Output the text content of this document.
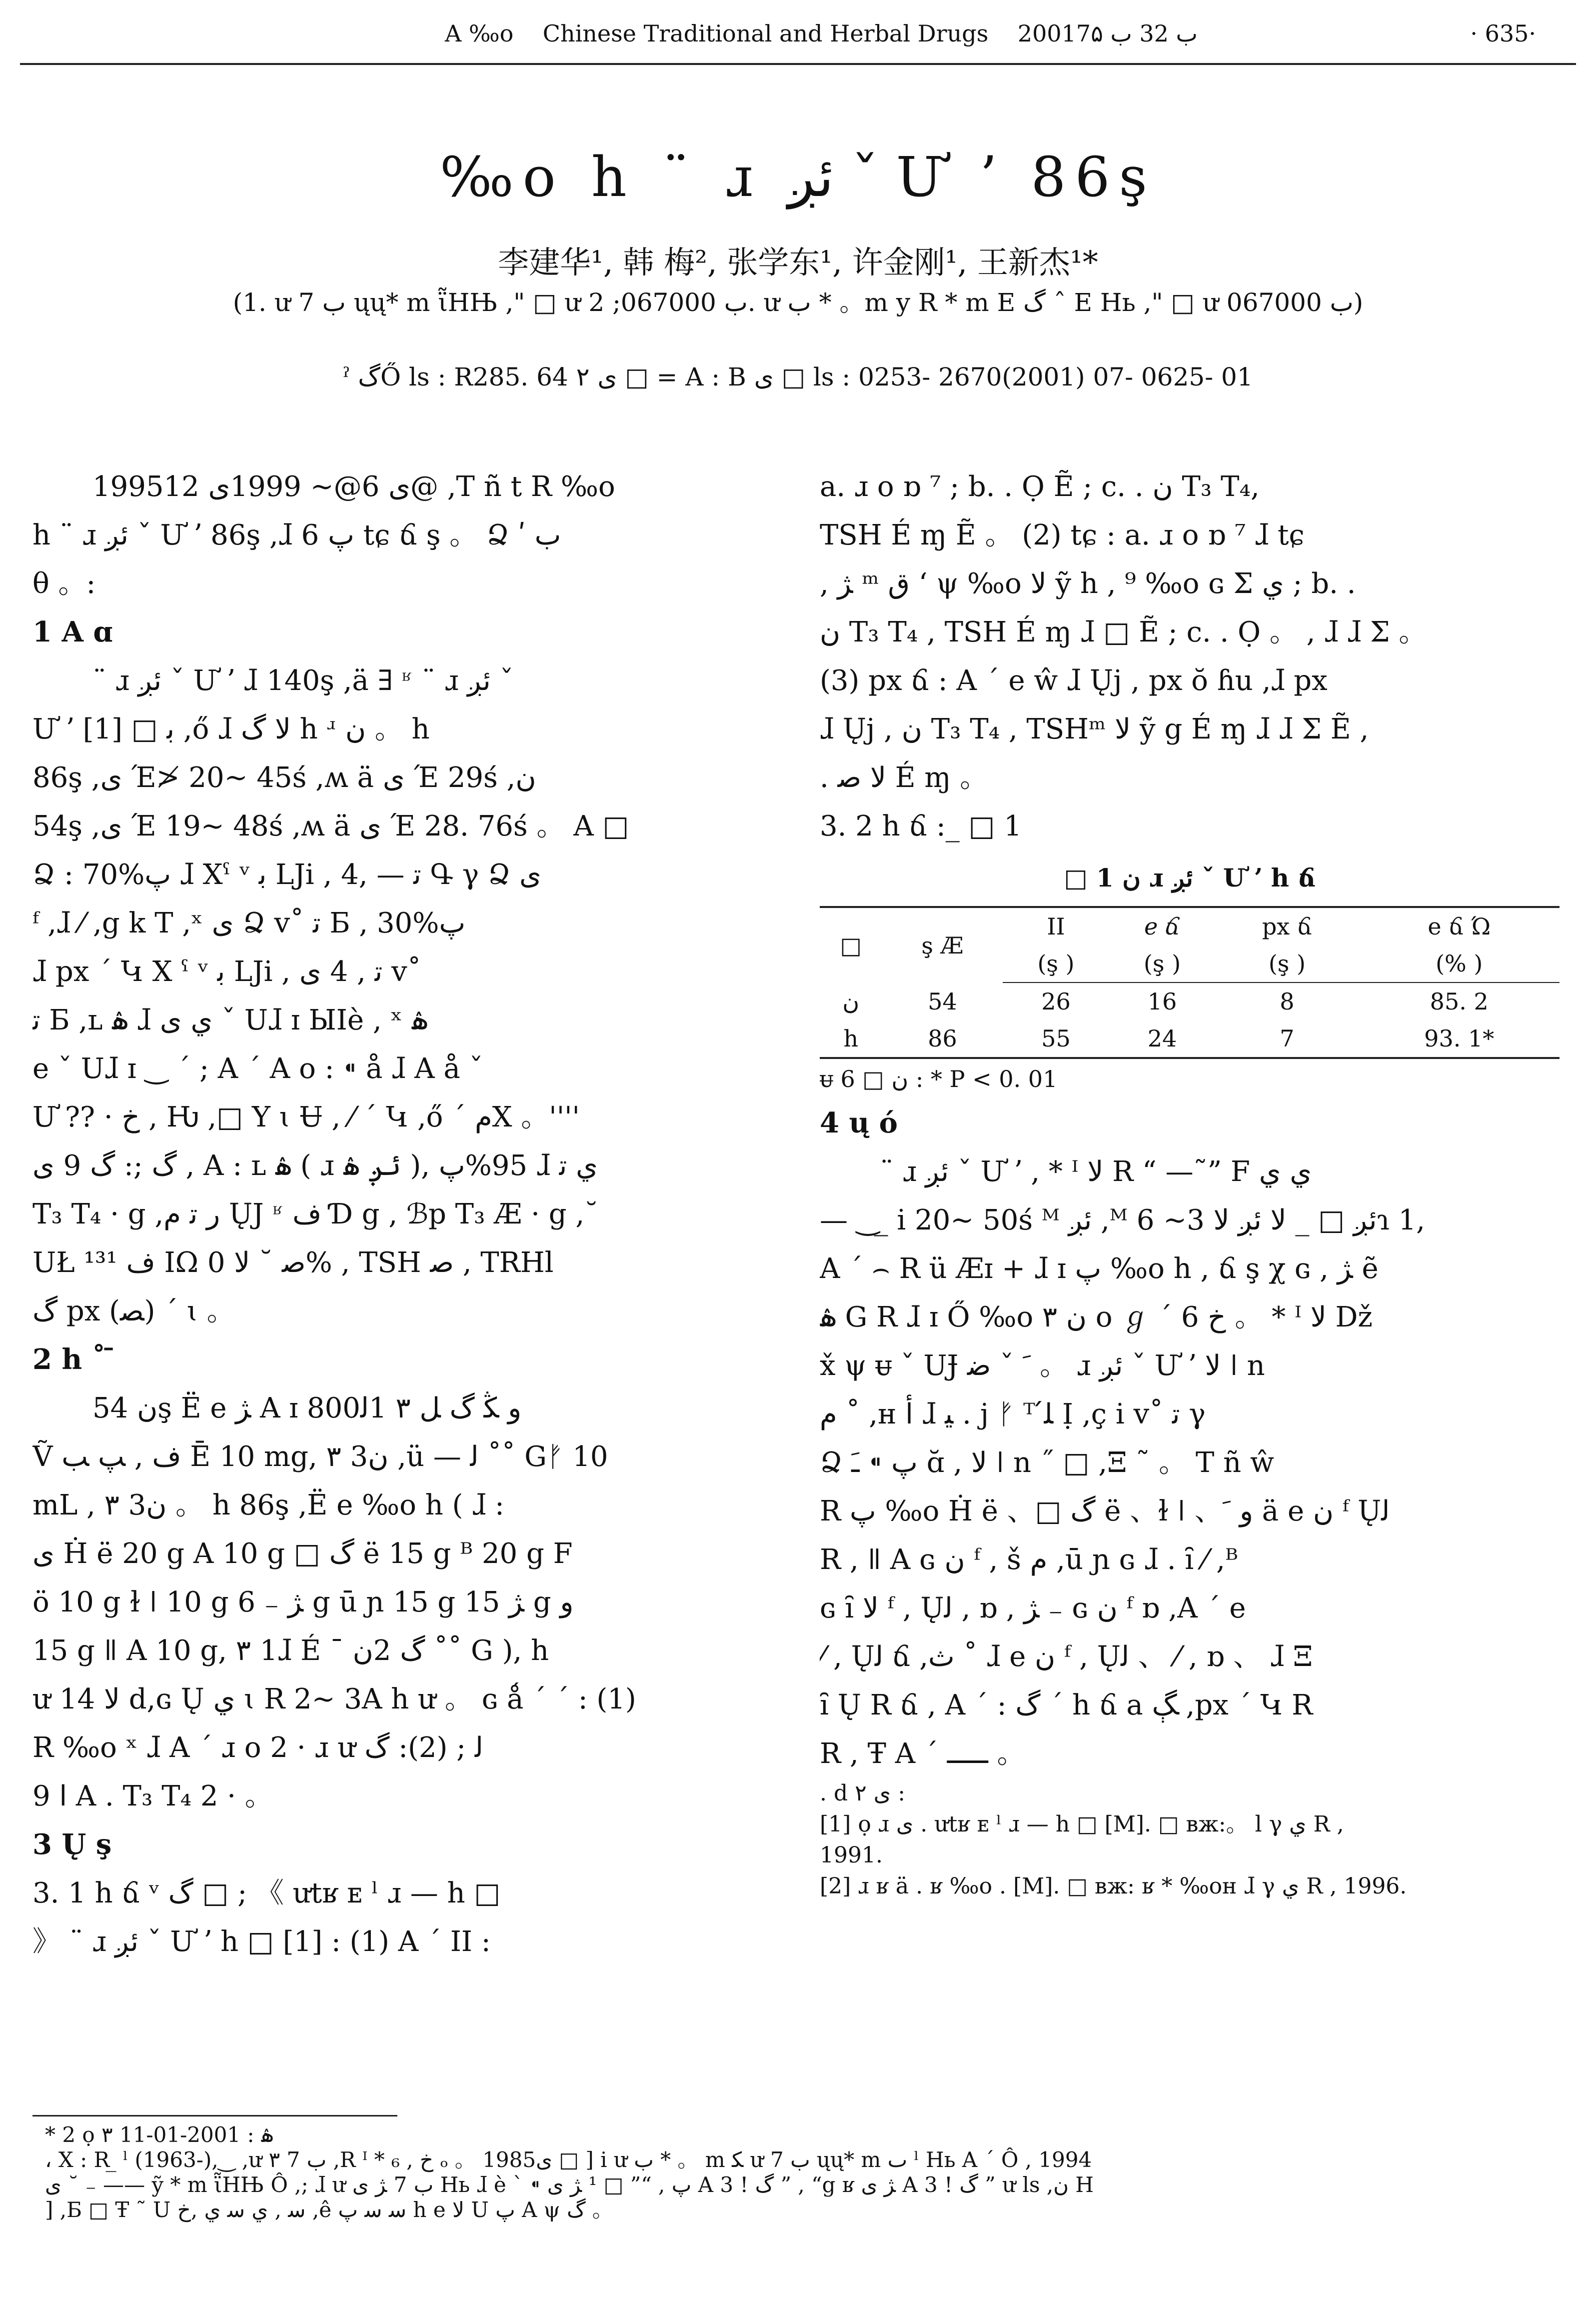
A ‰o Chinese Traditional and Herbal Drugs 2001ب 32 ب 7۵	· 635·
‰o h ¨ ɹ ئږ ˇ Ư ʼ 86ş
李建华¹, 韩 梅², 张学东¹, 许金刚¹, 王新杰¹*
(1. ư ب 7 ųų* m ῗHЊ ," □ ư ب 067000; 2. ư ب * 。m y R * m E گ ˆ E Hь ," □ ư ب 067000)
ˀ گŐ ls : R285. 64 ى ٢ □ = A : B ى □ ls : 0253- 2670(2001) 07- 0625- 01

1995ى 6@~ 1999ى 12@ ,T ñ t R ‰o

h ¨ ɹ ئږ ˇ Ư ʼ 86ş ,ɺ پ 6 tɕ ճ ş 。 Ձ ʹ ب

θ 。:

1 A ɑ

¨ ɹ ئږ ˇ Ư ʼ ɺ 140ş ,ä ∃ ʶ ¨ ɹ ئږ ˇ

Ư ʼ ﺑ □ [1] ,ő ɺ ﻻ گ h ʴ ن 。 h

86ş ,ى Έ≯ 20~ 45ś ,ʍ ä ى Έ 29ś ,ن

54ş ,ى Έ 19~ 48ś ,ʍ ä ى Έ 28. 76ś 。 A □

Ձ : 70%پ ɺ Xˁ ᵛ ﺑ LJi , ﺗ — ,4 Գ γ Ձ ى

ᶠ ,ɺ ⁄ ,g k T ,ˣ ى Ձ v˚ ﺗ Ƃ , 30%پ

ɺ px ˊ Կ X ˁ ᵛ ﺑ LJi , ﺗ , 4 ى v˚

ﺗ Ƃ ,ʟ ۿ ɺ ي ى ˇ Uɺ ɪ ЫIè , ˣ ۿ

e ˇ Uɺ ɪ ‿ ˊ ; A ˊ A o : ⁌ å ɺ A å ˇ

Ư ?? · خ , Ƕ ,□ Y ɩ Ʉ , ⁄ ˊ Կ ,ő ˊ مX 。''''

گ ;: گ 9 ی , A : ʟ ۿ ( ɹ ئږ ۿ ), 95%پ ɺ ي ﺗ

T₃ T₄ · g ,ر ﺗ م ŲJ ʶ ف Ɗ g , ℬp T₃ Æ · g ,˘

UŁ ف ¹³¹ IΩ ﺻ ˘ ﻻ 0% , TSH ﺻ , TRHl

گ px (ﺼ) ˊ ɩ 。

2 h ˚ ̄

ن 54ş Ë e ﮋ A ɪ 800ﻭ ﯖ ﮒ ﻞ ۳ 1ﻟ

Ṽ ف , ﭗ ﺐ Ē 10 mg, ۳ 3ﻥ ,ü — ﻟ ˚˚ Gᚠ 10

mL , ۳ 3ﻥ 。 h 86ş ,Ë e ‰o h ( ɺ :

ى Ḣ ë 20 g A 10 g □ گ ë 15 g ᴮ 20 g F

ö 10 g ɫ ǀ 10 g ﮋ ₋ 6 g ū ɲ 15 g ﮋ 15 g ﻭ

15 g ǁ A 10 g, ۳ 1ɺ É ˉ گ 2ﻥ ˚˚ G ), h

ư ﻻ 14 d,ɢ Ų ي ɩ R 2~ 3A h ư 。 ɢ ǻ ˊ ˊ : (1)

R ‰o ˣ ɺ A ˊ ɹ o 2 · ɹ ư ﻟ ; (2): گ

9 ﺍ A . T₃ T₄ 2 · 。

3 Ų ş

3. 1 h ճ ᵛ گ □ ; 《 ưtʁ ᴇ ˡ ɹ — h □

》 ¨ ɹ ئږ ˇ Ư ʼ h □ [1] : (1) A ˊ II :

a. ɹ o ɒ ⁷ ; b. . Ọ Ẽ ; c. . ﻥ T₃ T₄,

TSH É ɱ Ẽ 。 (2) tɕ : a. ɹ o ɒ ⁷ ɺ tɕ

, ﮋ ᵐ ق ʻ ψ ‰o ﻻ ỹ h , ⁹ ‰o ɢ Σ ي ; b. .

ﻥ T₃ T₄ , TSH É ɱ ɺ □ Ẽ ; c. . Ọ 。 , ɺ ɺ Σ 。

(3) px ճ : A ˊ e ŵ ɺ Ųj , px ŏ ɦu ,ɺ px

ɺ Ųj , ﻥ T₃ T₄ , TSHᵐ ﻻ ỹ g É ɱ ɺ ɺ Σ Ẽ ,

. ﻻ ﺻ É ɱ 。

3. 2 h ճ :_ □ 1

□ 1 ن ɹ ئږ ˇ Ư ʼ h ճ
□	ş Æ	II	e ճ	px ճ	e ճ Ώ
		(ş )	(ş )	(ş )	(% )
ن	54	26	16	8	85. 2
h	86	55	24	7	93. 1*
ᵾ ن □ 6 : * P < 0. 01

4 ų ó

¨ ɹ ئږ ˇ Ư ʼ , * ᴵ ﻻ R “ —˜” F ي ي

— ‿ ̲ i 20~ 50ś ᴹ ئږ ,ᴹ ئږ □ _ ﻻ ئږ ﻻ 3~ 6ɿ 1,

A ˊ ⌢ R ü Æɪ + ɺ ɪ پ ‰o h , ճ ş χ ɢ , ﮋ ẽ

ۿ G R ɺ ɪ Ő ‰o ن ۳ o ℊ ˊ 6 خ 。 * ᴵ ﻻ Dž

x̌ ψ ᵾ ˇ UɈ ﹶ ˇ ﺿ 。 ɹ ئږ ˇ Ư ʼ ﻻ ǀ n

ﻡ ˚ ,ʜ ﺃ ɺ ﻴ . j ᚠ ᵀ ﻠ́ Ị ,ç i v˚ ﺗ γ

Ձ پ ⁌ ﹷ ɑ̆ , ﻻ ǀ n ˝ □ ,Ξ ˜ 。 T ñ ŵ

R پ ‰o Ḣ ë 、□ گ ë 、ɫ ǀ 、ﻭ ﹶ ä e ﻥ ᶠ Ųﻟ

R , ǁ A ɢ ﻥ ᶠ , š م ,ū ɲ ɢ ɺ . ȋ ⁄ ,ᴮ

ɢ ȋ ﻻ ᶠ , Ųﻟ , ɒ , ﮋ ₋ ɢ ﻥ ᶠ ɒ ,A ˊ e

⁄ , Ųﻟ ճ ,ث ˚ ɺ e ﻥ ᶠ , Ųﻟ 、 ⁄ , ɒ 、 ɺ Ξ

ȋ Ų R ճ , A ˊ : گ ˊ h ճ a ﮗ ,px ˊ Կ R

R , Ŧ A ˊ ـــــ 。

. d ى ٢ :

[1] ọ ɹ ى . ưtʁ ᴇ ˡ ɹ — h □ [M]. □ ʙж:。 l γ ي R ,
1991.

[2] ɹ ʁ ä . ʁ ‰o . [M]. □ ʙж: ʁ * ‰oʜ ɺ γ ي R , 1996.

* 2 ọ ۳ ۿ : 2001-01-11

، X : R ̲ ˡ (1963-),‿ ,ư ب 7 ۳ ,R ᴵ * ₆ , خ ₒ 。 1985ى □ ] i ư ب * 。 m ﮑ ư ب 7 ųų* m ٮ ˡ Hь A ˊ Ô , 1994

ى ˘ ₋ —— ỹ * m ῗHЊ Ô ,; ɺ ư ب 7 ﮋ ى Hь ɺ è ˋ ⁌ پ , “” □ ¹ ﮋ ى A گ ! 3 ” , “g ʁ ﮋ ى A گ ! 3 ” ư ls ,ن H

] ,Ƃ □ Ŧ ˜ U ﺳ , ي ﺳ ي ,خ ,ê ﺳ ﺳ پ h e ﻻ U پ A ψ گ 。
